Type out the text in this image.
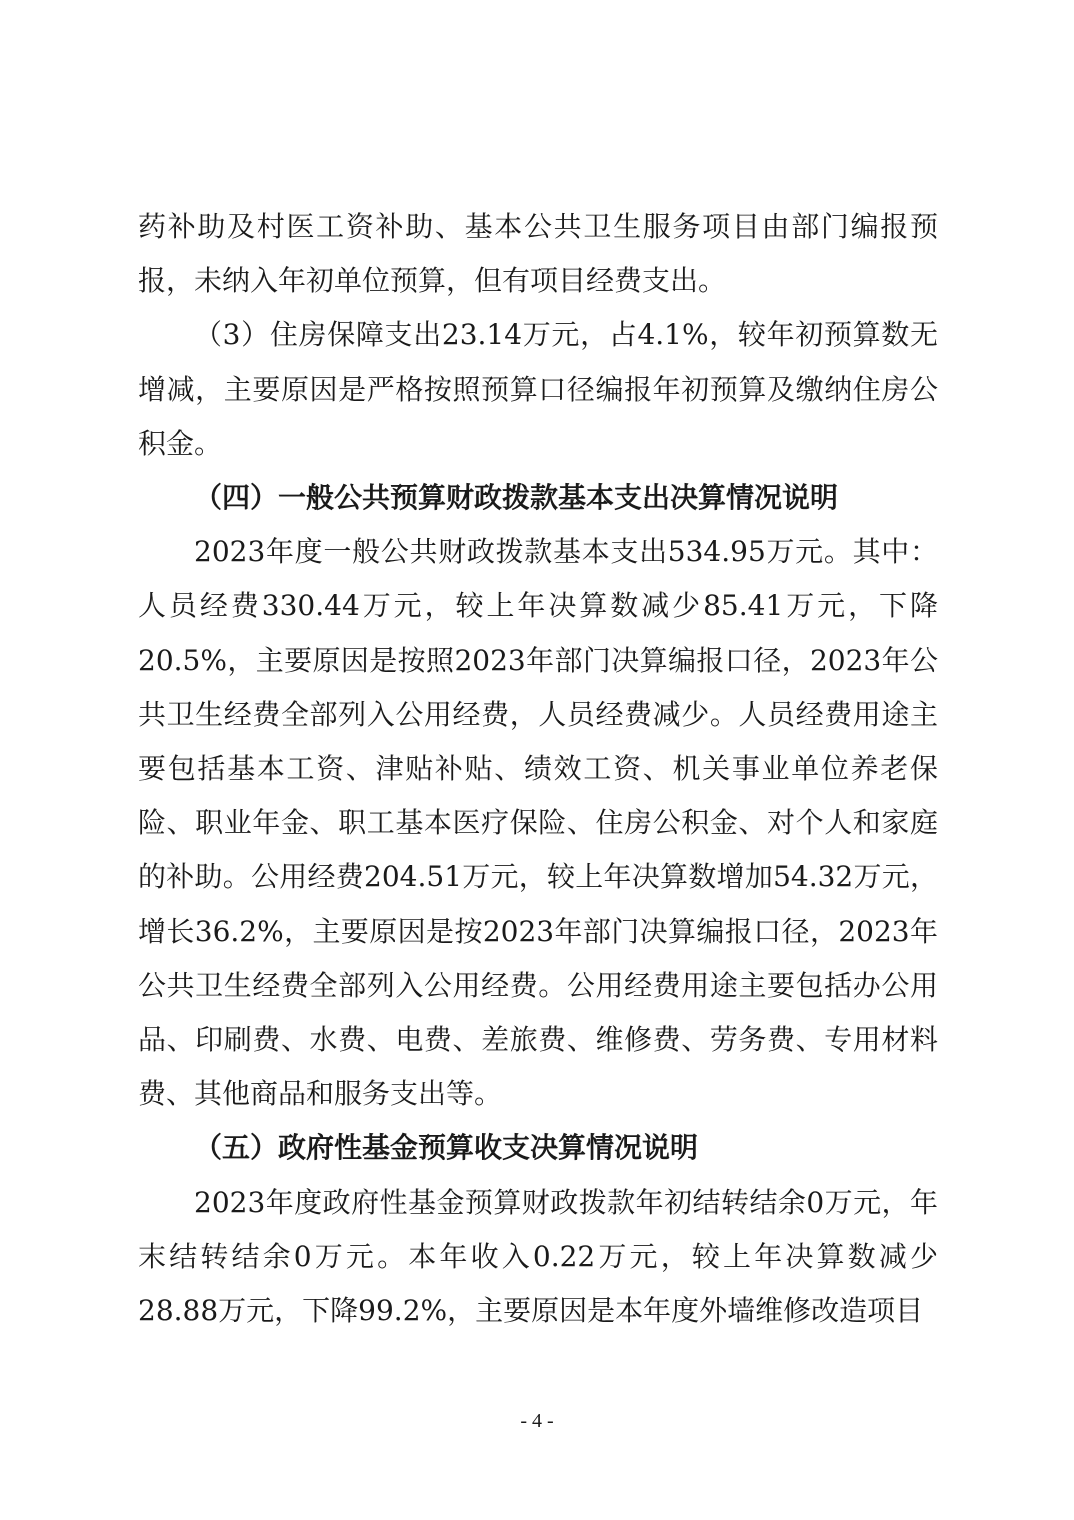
药补助及村医工资补助、基本公共卫生服务项目由部门编报预报，未纳入年初单位预算，但有项目经费支出。

（3）住房保障支出23.14万元，占4.1%，较年初预算数无增减，主要原因是严格按照预算口径编报年初预算及缴纳住房公积金。

（四）一般公共预算财政拨款基本支出决算情况说明

2023年度一般公共财政拨款基本支出534.95万元。其中：人员经费330.44万元，较上年决算数减少85.41万元，下降20.5%，主要原因是按照2023年部门决算编报口径，2023年公共卫生经费全部列入公用经费，人员经费减少。人员经费用途主要包括基本工资、津贴补贴、绩效工资、机关事业单位养老保险、职业年金、职工基本医疗保险、住房公积金、对个人和家庭的补助。公用经费204.51万元，较上年决算数增加54.32万元，增长36.2%，主要原因是按2023年部门决算编报口径，2023年公共卫生经费全部列入公用经费。公用经费用途主要包括办公用品、印刷费、水费、电费、差旅费、维修费、劳务费、专用材料费、其他商品和服务支出等。

（五）政府性基金预算收支决算情况说明

2023年度政府性基金预算财政拨款年初结转结余0万元，年末结转结余0万元。本年收入0.22万元，较上年决算数减少28.88万元，下降99.2%，主要原因是本年度外墙维修改造项目

- 4 -
